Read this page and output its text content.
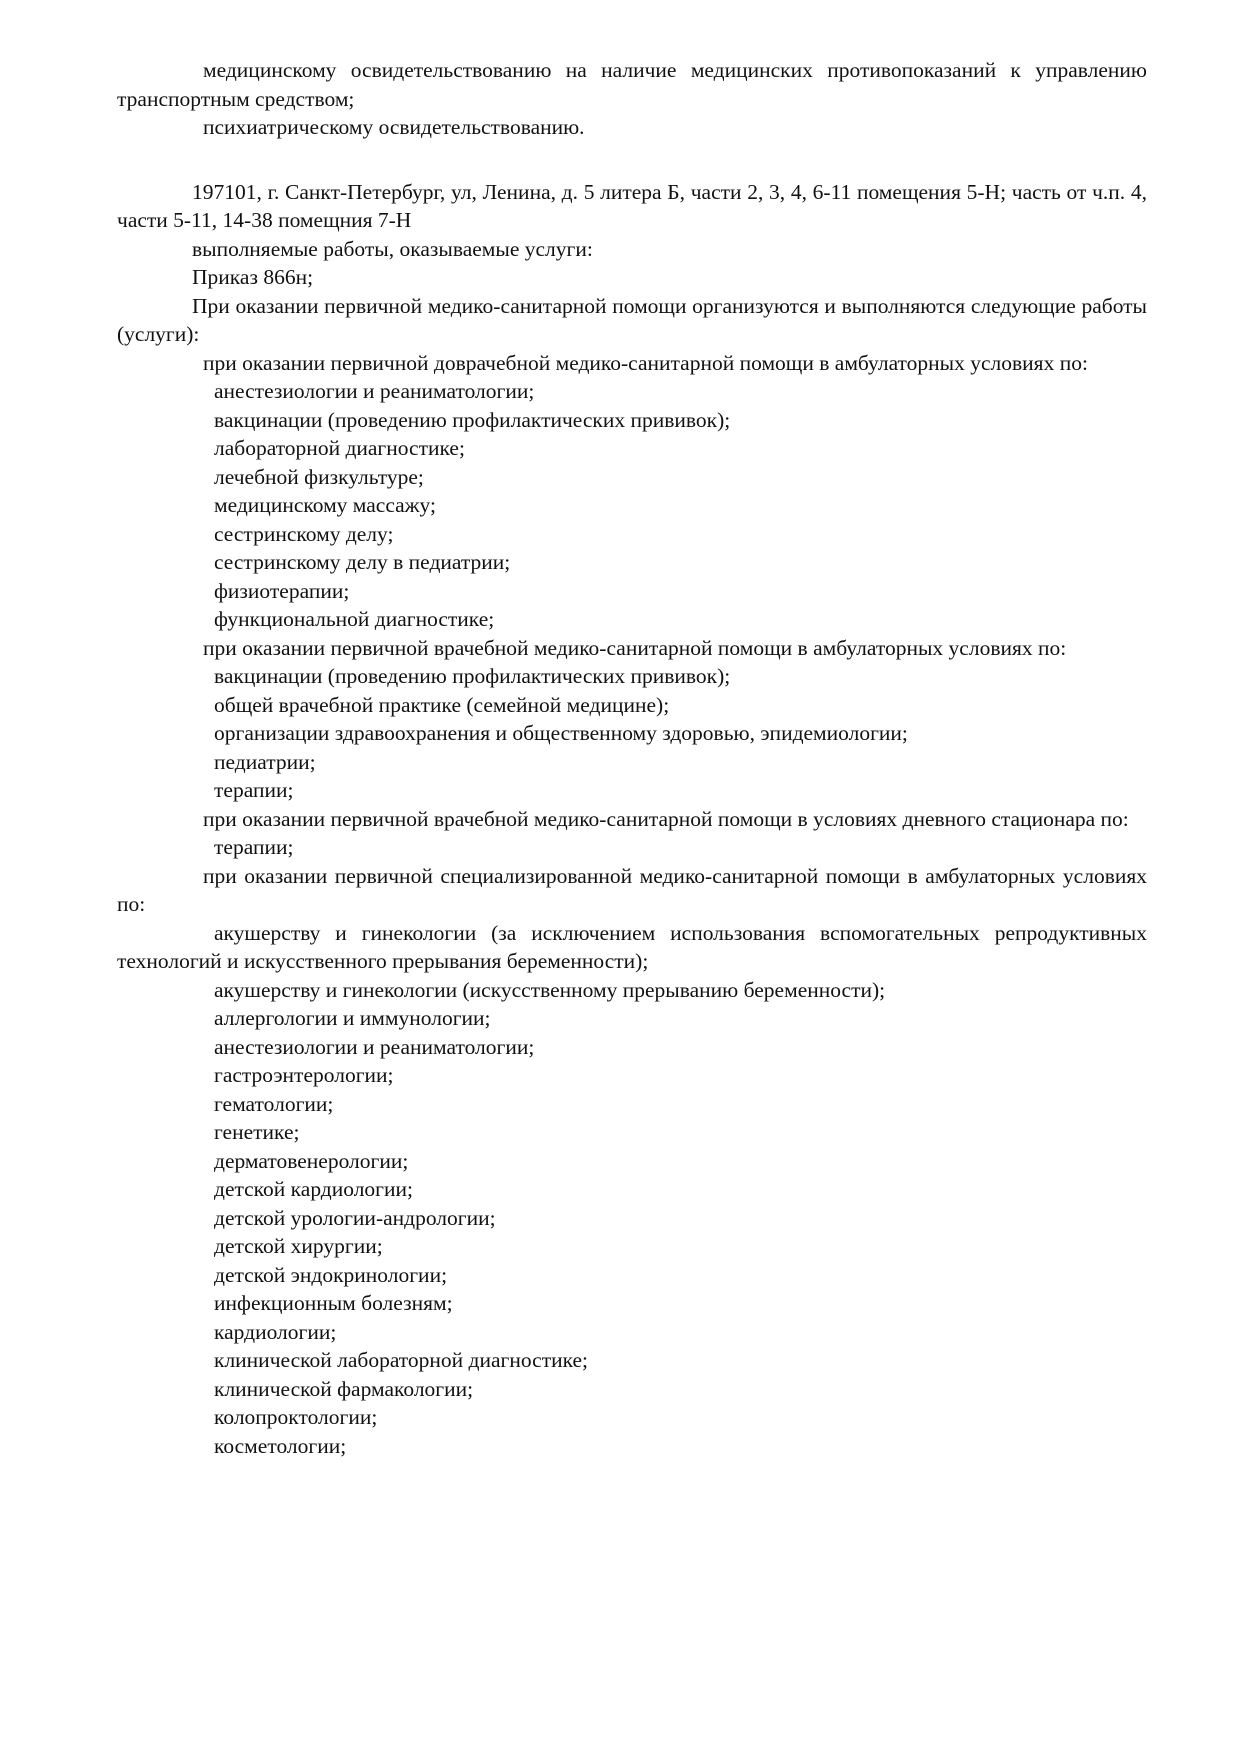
медицинскому освидетельствованию на наличие медицинских противопоказаний к управлению транспортным средством;

психиатрическому освидетельствованию.

197101, г. Санкт-Петербург, ул, Ленина, д. 5 литера Б, части 2, 3, 4, 6-11 помещения 5-Н; часть от ч.п. 4, части 5-11, 14-38 помещния 7-Н

выполняемые работы, оказываемые услуги:

Приказ 866н;

При оказании первичной медико-санитарной помощи организуются и выполняются следующие работы (услуги):

при оказании первичной доврачебной медико-санитарной помощи в амбулаторных условиях по:

анестезиологии и реаниматологии;

вакцинации (проведению профилактических прививок);

лабораторной диагностике;

лечебной физкультуре;

медицинскому массажу;

сестринскому делу;

сестринскому делу в педиатрии;

физиотерапии;

функциональной диагностике;

при оказании первичной врачебной медико-санитарной помощи в амбулаторных условиях по:

вакцинации (проведению профилактических прививок);

общей врачебной практике (семейной медицине);

организации здравоохранения и общественному здоровью, эпидемиологии;

педиатрии;

терапии;

при оказании первичной врачебной медико-санитарной помощи в условиях дневного стационара по:

терапии;

при оказании первичной специализированной медико-санитарной помощи в амбулаторных условиях по:

акушерству и гинекологии (за исключением использования вспомогательных репродуктивных технологий и искусственного прерывания беременности);

акушерству и гинекологии (искусственному прерыванию беременности);

аллергологии и иммунологии;

анестезиологии и реаниматологии;

гастроэнтерологии;

гематологии;

генетике;

дерматовенерологии;

детской кардиологии;

детской урологии-андрологии;

детской хирургии;

детской эндокринологии;

инфекционным болезням;

кардиологии;

клинической лабораторной диагностике;

клинической фармакологии;

колопроктологии;

косметологии;
